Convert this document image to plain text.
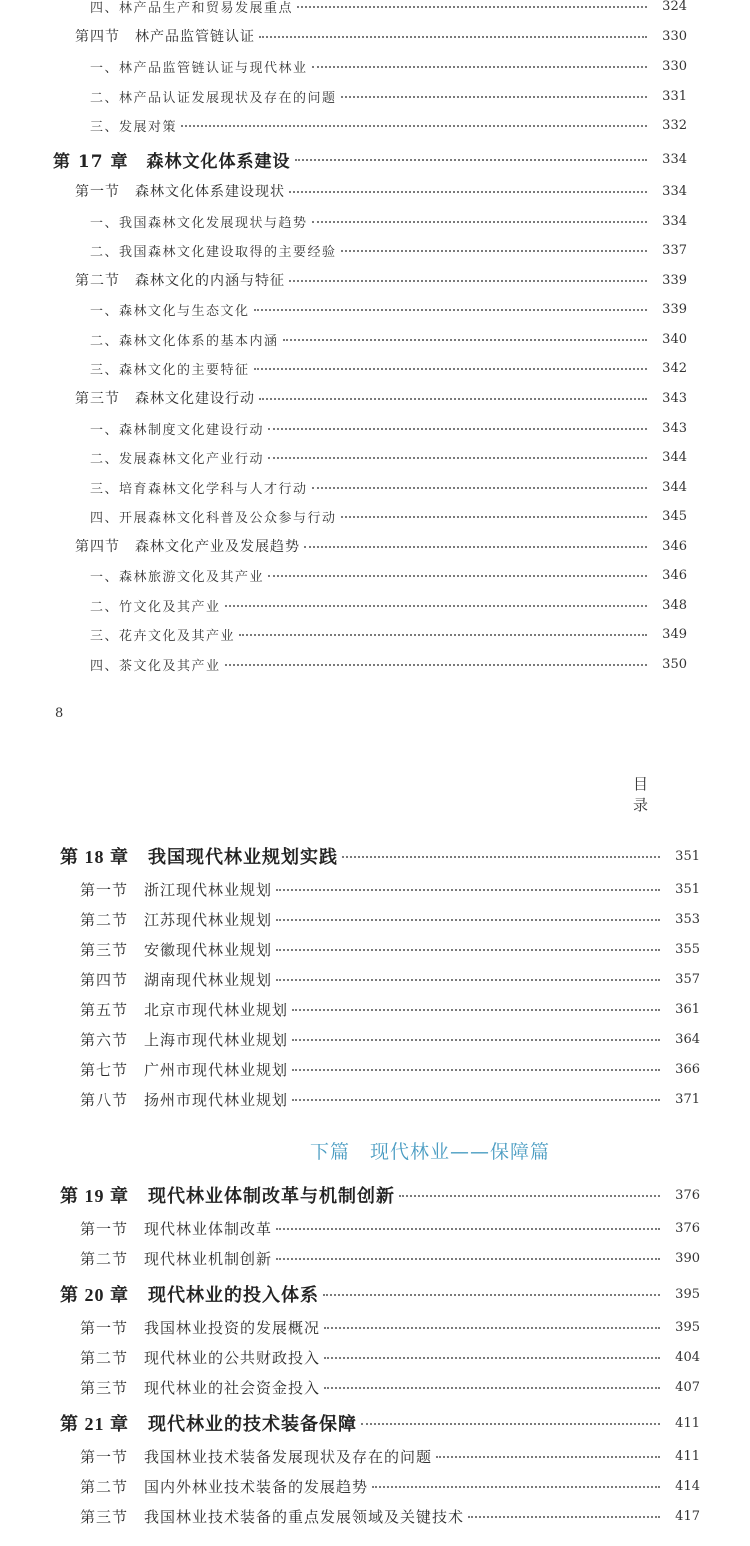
四、林产品生产和贸易发展重点	324
第四节　林产品监管链认证	330
一、林产品监管链认证与现代林业	330
二、林产品认证发展现状及存在的问题	331
三、发展对策	332
第 17 章　森林文化体系建设	334
第一节　森林文化体系建设现状	334
一、我国森林文化发展现状与趋势	334
二、我国森林文化建设取得的主要经验	337
第二节　森林文化的内涵与特征	339
一、森林文化与生态文化	339
二、森林文化体系的基本内涵	340
三、森林文化的主要特征	342
第三节　森林文化建设行动	343
一、森林制度文化建设行动	343
二、发展森林文化产业行动	344
三、培育森林文化学科与人才行动	344
四、开展森林文化科普及公众参与行动	345
第四节　森林文化产业及发展趋势	346
一、森林旅游文化及其产业	346
二、竹文化及其产业	348
三、花卉文化及其产业	349
四、茶文化及其产业	350
8
目 录
第 18 章　我国现代林业规划实践	351
第一节　浙江现代林业规划	351
第二节　江苏现代林业规划	353
第三节　安徽现代林业规划	355
第四节　湖南现代林业规划	357
第五节　北京市现代林业规划	361
第六节　上海市现代林业规划	364
第七节　广州市现代林业规划	366
第八节　扬州市现代林业规划	371
下篇　现代林业——保障篇
第 19 章　现代林业体制改革与机制创新	376
第一节　现代林业体制改革	376
第二节　现代林业机制创新	390
第 20 章　现代林业的投入体系	395
第一节　我国林业投资的发展概况	395
第二节　现代林业的公共财政投入	404
第三节　现代林业的社会资金投入	407
第 21 章　现代林业的技术装备保障	411
第一节　我国林业技术装备发展现状及存在的问题	411
第二节　国内外林业技术装备的发展趋势	414
第三节　我国林业技术装备的重点发展领域及关键技术	417
